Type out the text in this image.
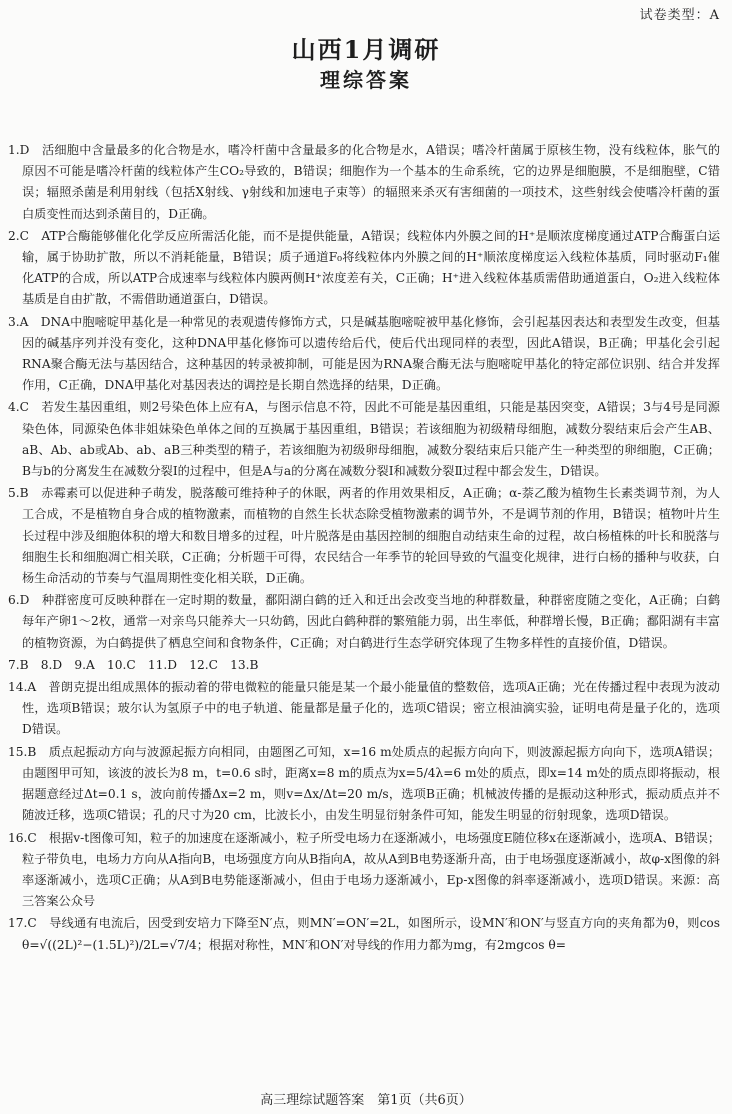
试卷类型：A
山西1月调研
理综答案

1.D　 活细胞中含量最多的化合物是水，嗜冷杆菌中含量最多的化合物是水，A错误；嗜冷杆菌属于原核生物，没有线粒体，胀气的原因不可能是嗜冷杆菌的线粒体产生CO₂导致的，B错误；细胞作为一个基本的生命系统，它的边界是细胞膜，不是细胞壁，C错误；辐照杀菌是利用射线（包括X射线、γ射线和加速电子束等）的辐照来杀灭有害细菌的一项技术，这些射线会使嗜冷杆菌的蛋白质变性而达到杀菌目的，D正确。

2.C　 ATP合酶能够催化化学反应所需活化能，而不是提供能量，A错误；线粒体内外膜之间的H⁺是顺浓度梯度通过ATP合酶蛋白运输，属于协助扩散，所以不消耗能量，B错误；质子通道F₀将线粒体内外膜之间的H⁺顺浓度梯度运入线粒体基质，同时驱动F₁催化ATP的合成，所以ATP合成速率与线粒体内膜两侧H⁺浓度差有关，C正确；H⁺进入线粒体基质需借助通道蛋白，O₂进入线粒体基质是自由扩散，不需借助通道蛋白，D错误。

3.A　 DNA中胞嘧啶甲基化是一种常见的表观遗传修饰方式，只是碱基胞嘧啶被甲基化修饰，会引起基因表达和表型发生改变，但基因的碱基序列并没有变化，这种DNA甲基化修饰可以遗传给后代，使后代出现同样的表型，因此A错误，B正确；甲基化会引起RNA聚合酶无法与基因结合，这种基因的转录被抑制，可能是因为RNA聚合酶无法与胞嘧啶甲基化的特定部位识别、结合并发挥作用，C正确，DNA甲基化对基因表达的调控是长期自然选择的结果，D正确。

4.C　 若发生基因重组，则2号染色体上应有A，与图示信息不符，因此不可能是基因重组，只能是基因突变，A错误；3与4号是同源染色体，同源染色体非姐妹染色单体之间的互换属于基因重组，B错误；若该细胞为初级精母细胞，减数分裂结束后会产生AB、aB、Ab、ab或Ab、ab、aB三种类型的精子，若该细胞为初级卵母细胞，减数分裂结束后只能产生一种类型的卵细胞，C正确；B与b的分离发生在减数分裂Ⅰ的过程中，但是A与a的分离在减数分裂Ⅰ和减数分裂Ⅱ过程中都会发生，D错误。

5.B　 赤霉素可以促进种子萌发，脱落酸可维持种子的休眠，两者的作用效果相反，A正确；α-萘乙酸为植物生长素类调节剂，为人工合成，不是植物自身合成的植物激素，而植物的自然生长状态除受植物激素的调节外，不是调节剂的作用，B错误；植物叶片生长过程中涉及细胞体积的增大和数目增多的过程，叶片脱落是由基因控制的细胞自动结束生命的过程，故白杨植株的叶长和脱落与细胞生长和细胞凋亡相关联，C正确；分析题干可得，农民结合一年季节的轮回导致的气温变化规律，进行白杨的播种与收获，白杨生命活动的节奏与气温周期性变化相关联，D正确。

6.D　 种群密度可反映种群在一定时期的数量，鄱阳湖白鹤的迁入和迁出会改变当地的种群数量，种群密度随之变化，A正确；白鹤每年产卵1～2枚，通常一对亲鸟只能养大一只幼鹤，因此白鹤种群的繁殖能力弱，出生率低，种群增长慢，B正确；鄱阳湖有丰富的植物资源，为白鹤提供了栖息空间和食物条件，C正确；对白鹤进行生态学研究体现了生物多样性的直接价值，D错误。

7.B　8.D　9.A　10.C　11.D　12.C　13.B

14.A　 普朗克提出组成黑体的振动着的带电微粒的能量只能是某一个最小能量值的整数倍，选项A正确；光在传播过程中表现为波动性，选项B错误；玻尔认为氢原子中的电子轨道、能量都是量子化的，选项C错误；密立根油滴实验，证明电荷是量子化的，选项D错误。

15.B　 质点起振动方向与波源起振方向相同，由题图乙可知，x=16 m处质点的起振方向向下，则波源起振方向向下，选项A错误；由题图甲可知，该波的波长为8 m，t=0.6 s时，距离x=8 m的质点为x=5/4λ=6 m处的质点，即x=14 m处的质点即将振动，根据题意经过Δt=0.1 s，波向前传播Δx=2 m，则v=Δx/Δt=20 m/s，选项B正确；机械波传播的是振动这种形式，振动质点并不随波迁移，选项C错误；孔的尺寸为20 cm，比波长小，由发生明显衍射条件可知，能发生明显的衍射现象，选项D错误。

16.C　 根据v-t图像可知，粒子的加速度在逐渐减小，粒子所受电场力在逐渐减小，电场强度E随位移x在逐渐减小，选项A、B错误；粒子带负电，电场力方向从A指向B，电场强度方向从B指向A，故从A到B电势逐渐升高，由于电场强度逐渐减小，故φ-x图像的斜率逐渐减小，选项C正确；从A到B电势能逐渐减小，但由于电场力逐渐减小，Ep-x图像的斜率逐渐减小，选项D错误。来源：高三答案公众号

17.C　 导线通有电流后，因受到安培力下降至N′点，则MN′=ON′=2L，如图所示，设MN′和ON′与竖直方向的夹角都为θ，则cos θ=√((2L)²−(1.5L)²)/2L=√7/4；根据对称性，MN′和ON′对导线的作用力都为mg，有2mgcos θ=

高三理综试题答案　第1页（共6页）
